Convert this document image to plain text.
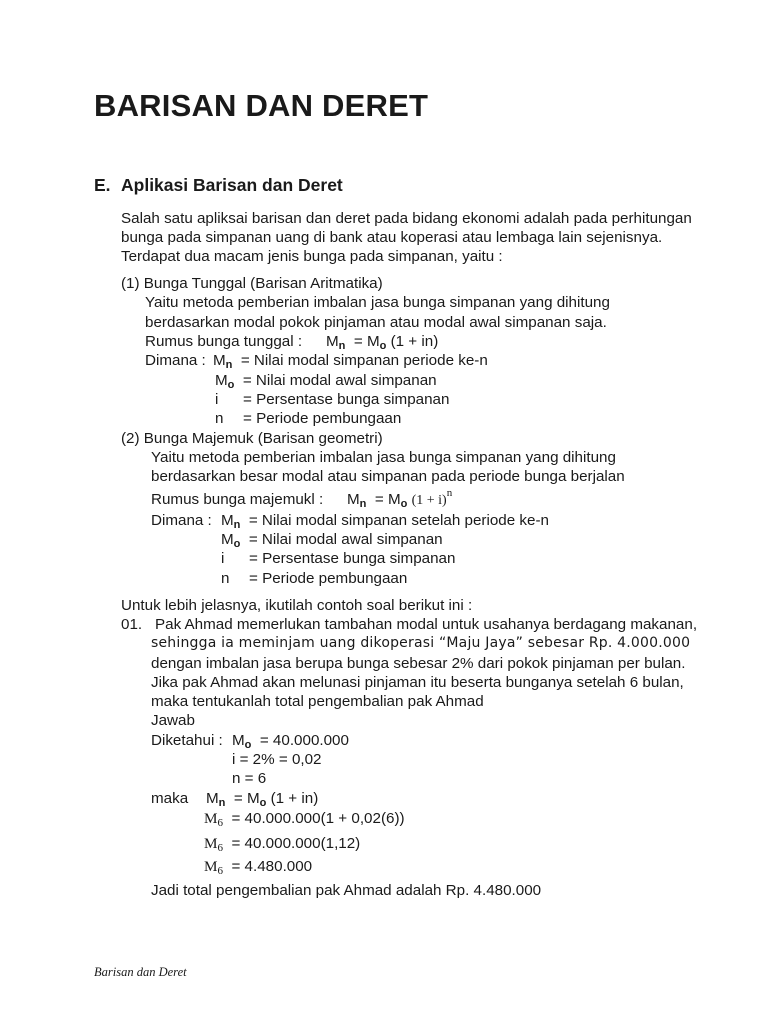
BARISAN DAN DERET
E. Aplikasi Barisan dan Deret
Salah satu apliksai barisan dan deret pada bidang ekonomi adalah pada perhitungan
bunga pada simpanan uang di bank atau koperasi atau lembaga lain sejenisnya.
Terdapat dua macam jenis bunga pada simpanan, yaitu :
(1) Bunga Tunggal (Barisan Aritmatika)
Yaitu metoda pemberian imbalan jasa bunga simpanan yang dihitung
berdasarkan modal pokok pinjaman atau modal awal simpanan saja.
Rumus bunga tunggal : $M_n = M_o$ (1 + in)
Dimana : $M_n$ = Nilai modal simpanan periode ke-n
$M_o$ = Nilai modal awal simpanan
i = Persentase bunga simpanan
n = Periode pembungaan
(2) Bunga Majemuk (Barisan geometri)
Yaitu metoda pemberian imbalan jasa bunga simpanan yang dihitung
berdasarkan besar modal atau simpanan pada periode bunga berjalan
Rumus bunga majemukl : $M_n = M_o$ $(1 + i)^n$
Dimana : $M_n$ = Nilai modal simpanan setelah periode ke-n
$M_o$ = Nilai modal awal simpanan
i = Persentase bunga simpanan
n = Periode pembungaan
Untuk lebih jelasnya, ikutilah contoh soal berikut ini :
01. Pak Ahmad memerlukan tambahan modal untuk usahanya berdagang makanan,
sehingga ia meminjam uang dikoperasi “Maju Jaya” sebesar Rp. 4.000.000
dengan imbalan jasa berupa bunga sebesar 2% dari pokok pinjaman per bulan.
Jika pak Ahmad akan melunasi pinjaman itu beserta bunganya setelah 6 bulan,
maka tentukanlah total pengembalian pak Ahmad
Jawab
Diketahui : $M_o = 40.000.000$
i = 2% = 0,02
n = 6
maka $M_n = M_o$ (1 + in)
$M_6 = 40.000.000(1 + 0,02(6))$
$M_6 = 40.000.000(1,12)$
$M_6 = 4.480.000$
Jadi total pengembalian pak Ahmad adalah Rp. 4.480.000
Barisan dan Deret
